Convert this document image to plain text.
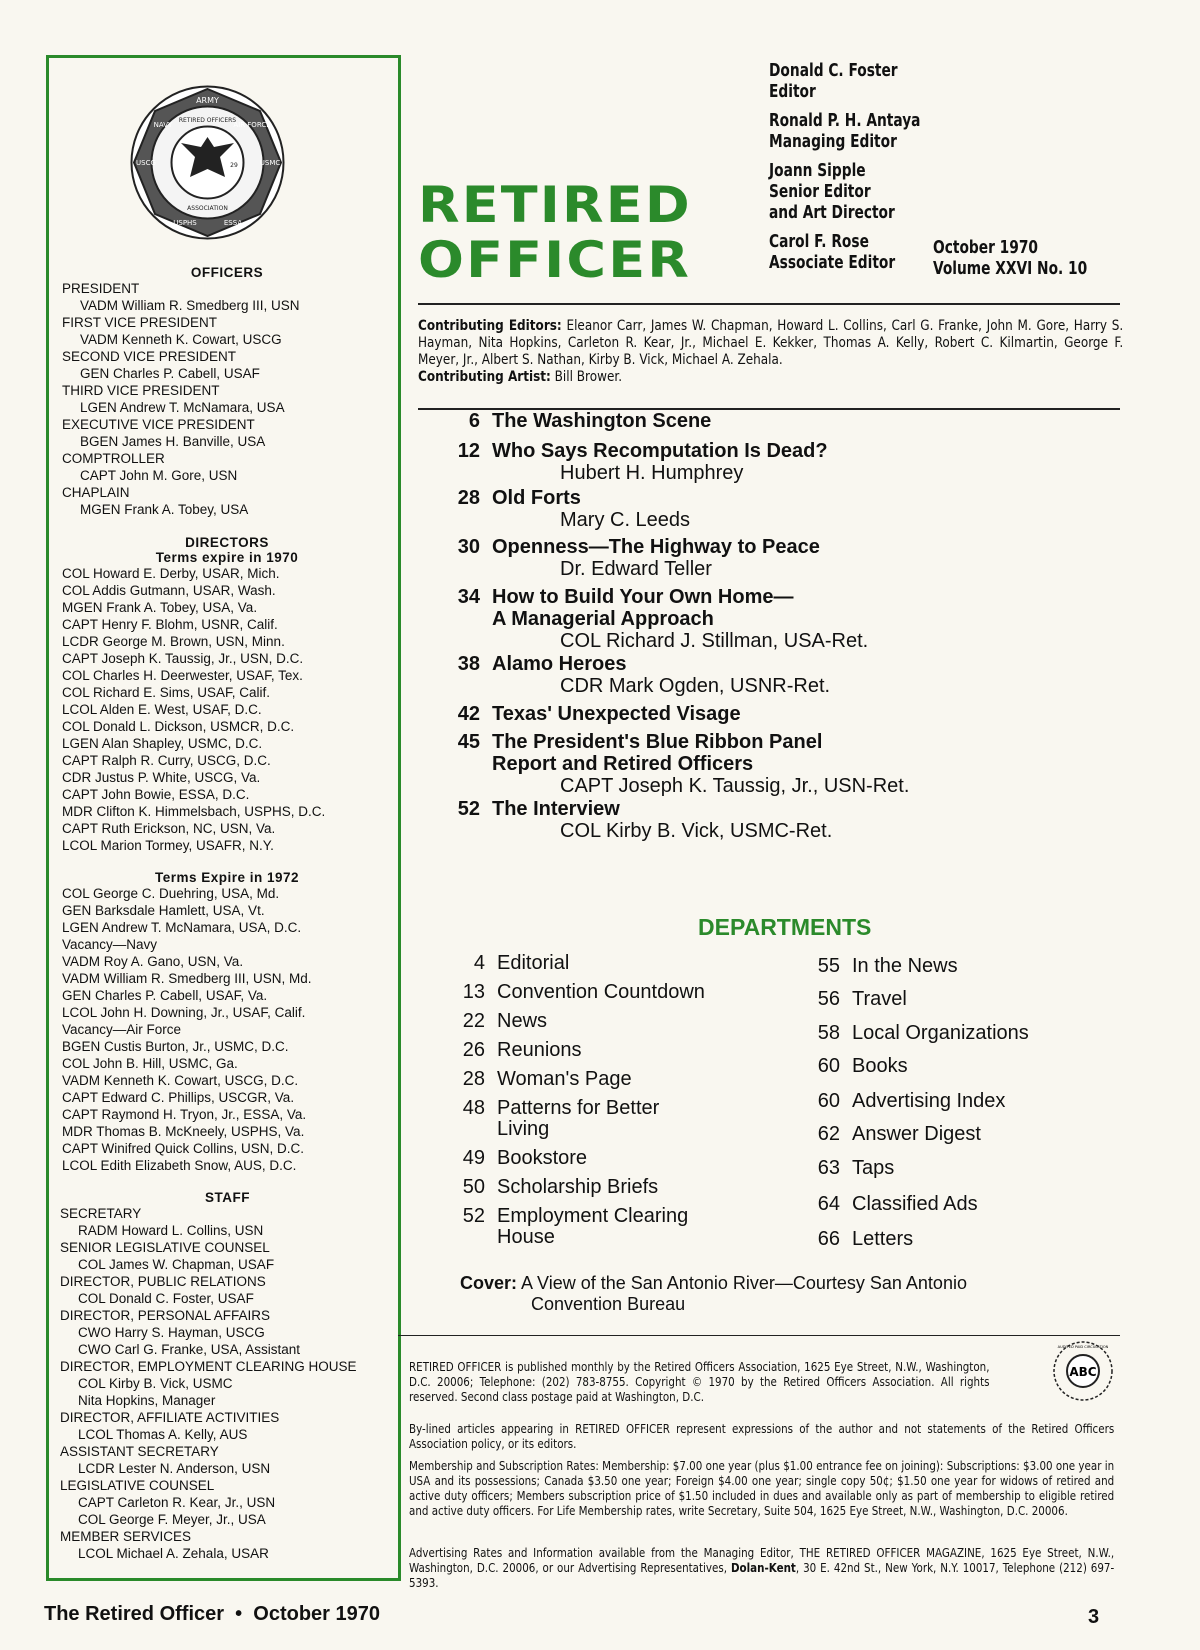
ARMY
AIR FORCE
USMC
NAVY
USCG
USPHS	ESSA
RETIRED OFFICERS
ASSOCIATION
29
OFFICERS
PRESIDENT
VADM William R. Smedberg III, USN
FIRST VICE PRESIDENT
VADM Kenneth K. Cowart, USCG
SECOND VICE PRESIDENT
GEN Charles P. Cabell, USAF
THIRD VICE PRESIDENT
LGEN Andrew T. McNamara, USA
EXECUTIVE VICE PRESIDENT
BGEN James H. Banville, USA
COMPTROLLER
CAPT John M. Gore, USN
CHAPLAIN
MGEN Frank A. Tobey, USA
DIRECTORS
Terms expire in 1970
COL Howard E. Derby, USAR, Mich.
COL Addis Gutmann, USAR, Wash.
MGEN Frank A. Tobey, USA, Va.
CAPT Henry F. Blohm, USNR, Calif.
LCDR George M. Brown, USN, Minn.
CAPT Joseph K. Taussig, Jr., USN, D.C.
COL Charles H. Deerwester, USAF, Tex.
COL Richard E. Sims, USAF, Calif.
LCOL Alden E. West, USAF, D.C.
COL Donald L. Dickson, USMCR, D.C.
LGEN Alan Shapley, USMC, D.C.
CAPT Ralph R. Curry, USCG, D.C.
CDR Justus P. White, USCG, Va.
CAPT John Bowie, ESSA, D.C.
MDR Clifton K. Himmelsbach, USPHS, D.C.
CAPT Ruth Erickson, NC, USN, Va.
LCOL Marion Tormey, USAFR, N.Y.
Terms Expire in 1972
COL George C. Duehring, USA, Md.
GEN Barksdale Hamlett, USA, Vt.
LGEN Andrew T. McNamara, USA, D.C.
Vacancy—Navy
VADM Roy A. Gano, USN, Va.
VADM William R. Smedberg III, USN, Md.
GEN Charles P. Cabell, USAF, Va.
LCOL John H. Downing, Jr., USAF, Calif.
Vacancy—Air Force
BGEN Custis Burton, Jr., USMC, D.C.
COL John B. Hill, USMC, Ga.
VADM Kenneth K. Cowart, USCG, D.C.
CAPT Edward C. Phillips, USCGR, Va.
CAPT Raymond H. Tryon, Jr., ESSA, Va.
MDR Thomas B. McKneely, USPHS, Va.
CAPT Winifred Quick Collins, USN, D.C.
LCOL Edith Elizabeth Snow, AUS, D.C.
STAFF
SECRETARY
RADM Howard L. Collins, USN
SENIOR LEGISLATIVE COUNSEL
COL James W. Chapman, USAF
DIRECTOR, PUBLIC RELATIONS
COL Donald C. Foster, USAF
DIRECTOR, PERSONAL AFFAIRS
CWO Harry S. Hayman, USCG
CWO Carl G. Franke, USA, Assistant
DIRECTOR, EMPLOYMENT CLEARING HOUSE
COL Kirby B. Vick, USMC
Nita Hopkins, Manager
DIRECTOR, AFFILIATE ACTIVITIES
LCOL Thomas A. Kelly, AUS
ASSISTANT SECRETARY
LCDR Lester N. Anderson, USN
LEGISLATIVE COUNSEL
CAPT Carleton R. Kear, Jr., USN
COL George F. Meyer, Jr., USA
MEMBER SERVICES
LCOL Michael A. Zehala, USAR
RETIRED
OFFICER
Donald C. Foster
Editor
Ronald P. H. Antaya
Managing Editor
Joann Sipple
Senior Editor
and Art Director
Carol F. Rose
Associate Editor
October 1970
Volume XXVI No. 10
Contributing Editors: Eleanor Carr, James W. Chapman, Howard L. Collins, Carl G. Franke, John M. Gore, Harry S. Hayman, Nita Hopkins, Carleton R. Kear, Jr., Michael E. Kekker, Thomas A. Kelly, Robert C. Kilmartin, George F. Meyer, Jr., Albert S. Nathan, Kirby B. Vick, Michael A. Zehala.
Contributing Artist: Bill Brower.
6 The Washington Scene
12 Who Says Recomputation Is Dead?
Hubert H. Humphrey
28 Old Forts
Mary C. Leeds
30 Openness—The Highway to Peace
Dr. Edward Teller
34 How to Build Your Own Home—
A Managerial Approach
COL Richard J. Stillman, USA-Ret.
38 Alamo Heroes
CDR Mark Ogden, USNR-Ret.
42 Texas' Unexpected Visage
45 The President's Blue Ribbon Panel
Report and Retired Officers
CAPT Joseph K. Taussig, Jr., USN-Ret.
52 The Interview
COL Kirby B. Vick, USMC-Ret.
DEPARTMENTS
4 Editorial
13 Convention Countdown
22 News
26 Reunions
28 Woman's Page
48 Patterns for Better
Living
49 Bookstore
50 Scholarship Briefs
52 Employment Clearing
House
55 In the News
56 Travel
58 Local Organizations
60 Books
60 Advertising Index
62 Answer Digest
63 Taps
64 Classified Ads
66 Letters
Cover: A View of the San Antonio River—Courtesy San Antonio
Convention Bureau
RETIRED OFFICER is published monthly by the Retired Officers Association, 1625 Eye Street, N.W., Washington, D.C. 20006; Telephone: (202) 783-8755. Copyright © 1970 by the Retired Officers Association. All rights reserved. Second class postage paid at Washington, D.C.
ABC
AUDITED PAID CIRCULATION
By-lined articles appearing in RETIRED OFFICER represent expressions of the author and not statements of the Retired Officers Association policy, or its editors.
Membership and Subscription Rates: Membership: $7.00 one year (plus $1.00 entrance fee on joining): Subscriptions: $3.00 one year in USA and its possessions; Canada $3.50 one year; Foreign $4.00 one year; single copy 50¢; $1.50 one year for widows of retired and active duty officers; Members subscription price of $1.50 included in dues and available only as part of membership to eligible retired and active duty officers. For Life Membership rates, write Secretary, Suite 504, 1625 Eye Street, N.W., Washington, D.C. 20006.
Advertising Rates and Information available from the Managing Editor, THE RETIRED OFFICER MAGAZINE, 1625 Eye Street, N.W., Washington, D.C. 20006, or our Advertising Representatives, Dolan-Kent, 30 E. 42nd St., New York, N.Y. 10017, Telephone (212) 697-5393.
The Retired Officer  •  October 1970	3
